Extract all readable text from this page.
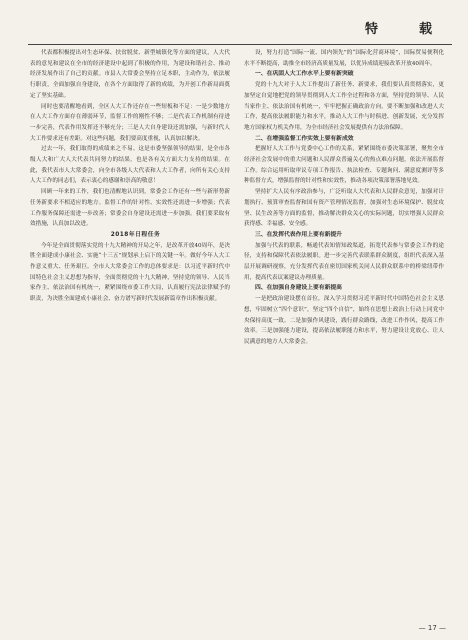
特　载

代表都积极提出对生态环保、扶贫脱贫、新型城镇化等方面的建议，人大代表的意见和建议在全市的经济建设中起到了积极的作用，为建设和谐社会、推动经济发展作出了自己的贡献。市县人大常委会坚持立足本职，主动作为，依法履行职责，全面加强自身建设，在各个方面取得了新的成绩，为开创工作新局面奠定了坚实基础。

同时也要清醒地看到，全区人大工作还存在一些短板和不足：一是少数地方在人大工作方面存在薄弱环节，监督工作的刚性不够；二是代表工作机制有待进一步完善，代表作用发挥还不够充分；三是人大自身建设还需加强，与新时代人大工作要求还有差距。对这些问题，我们要高度重视，认真加以解决。

过去一年，我们取得的成绩来之不易。这是市委坚强领导的结果，是全市各级人大和广大人大代表共同努力的结果，也是各有关方面大力支持的结果。在此，我代表市人大常委会，向全市各级人大代表和人大工作者，向所有关心支持人大工作的同志们，表示衷心的感谢和崇高的敬意！

回顾一年来的工作，我们也清醒地认识到，常委会工作还有一些与新形势新任务新要求不相适应的地方。监督工作的针对性、实效性还需进一步增强；代表工作服务保障还需进一步改善；常委会自身建设还需进一步加强。我们要采取有效措施，认真加以改进。

2018年日程任务

今年是全面贯彻落实党的十九大精神的开局之年，是改革开放40周年，是决胜全面建成小康社会、实施“十三五”规划承上启下的关键一年。做好今年人大工作意义重大、任务艰巨。全市人大常委会工作的总体要求是：以习近平新时代中国特色社会主义思想为指导，全面贯彻党的十九大精神，坚持党的领导、人民当家作主、依法治国有机统一，紧紧围绕市委工作大局，认真履行宪法法律赋予的职责，为决胜全面建成小康社会、奋力谱写新时代发展新篇章作出积极贡献。

设，努力打造“国际一流、国内领先”的“国际化营商环境”，国际贸易便利化水平不断提高，助推全市经济高质量发展，以优异成绩迎接改革开放40周年。

一、在巩固人大工作水平上要有新突破

党的十九大对于人大工作提出了新任务、新要求，我们要认真贯彻落实，更加坚定自觉地把党的领导贯彻到人大工作全过程和各方面，坚持党的领导、人民当家作主、依法治国有机统一，牢牢把握正确政治方向。要不断加强和改进人大工作，提高依法履职能力和水平，推动人大工作与时俱进、创新发展，充分发挥地方国家权力机关作用，为全市经济社会发展提供有力法治保障。

二、在增强监督工作实效上要有新成效

把握好人大工作与党委中心工作的关系，紧紧围绕市委决策部署，聚焦全市经济社会发展中的重大问题和人民群众普遍关心的热点难点问题，依法开展监督工作。综合运用听取审议专项工作报告、执法检查、专题询问、满意度测评等多种监督方式，增强监督的针对性和实效性，推动各项决策部署落地见效。

坚持扩大人民有序政治参与，广泛听取人大代表和人民群众意见，加强对计划执行、预算审查监督和国有资产管理情况监督，加强对生态环境保护、脱贫攻坚、民生改善等方面的监督，推动解决群众关心的实际问题，切实增强人民群众获得感、幸福感、安全感。

三、在发挥代表作用上要有新提升

加强与代表的联系，畅通代表知情知政渠道，拓宽代表参与常委会工作的途径，支持和保障代表依法履职。进一步完善代表联系群众制度，组织代表深入基层开展调研视察，充分发挥代表在密切国家机关同人民群众联系中的桥梁纽带作用，提高代表议案建议办理质量。

四、在加强自身建设上要有新提高

一是把政治建设摆在首位，深入学习贯彻习近平新时代中国特色社会主义思想，牢固树立“四个意识”，坚定“四个自信”，始终在思想上政治上行动上同党中央保持高度一致。二是加强作风建设，践行群众路线，改进工作作风，提高工作效率。三是加强能力建设，提高依法履职能力和水平，努力建设让党放心、让人民满意的地方人大常委会。

— 17 —
